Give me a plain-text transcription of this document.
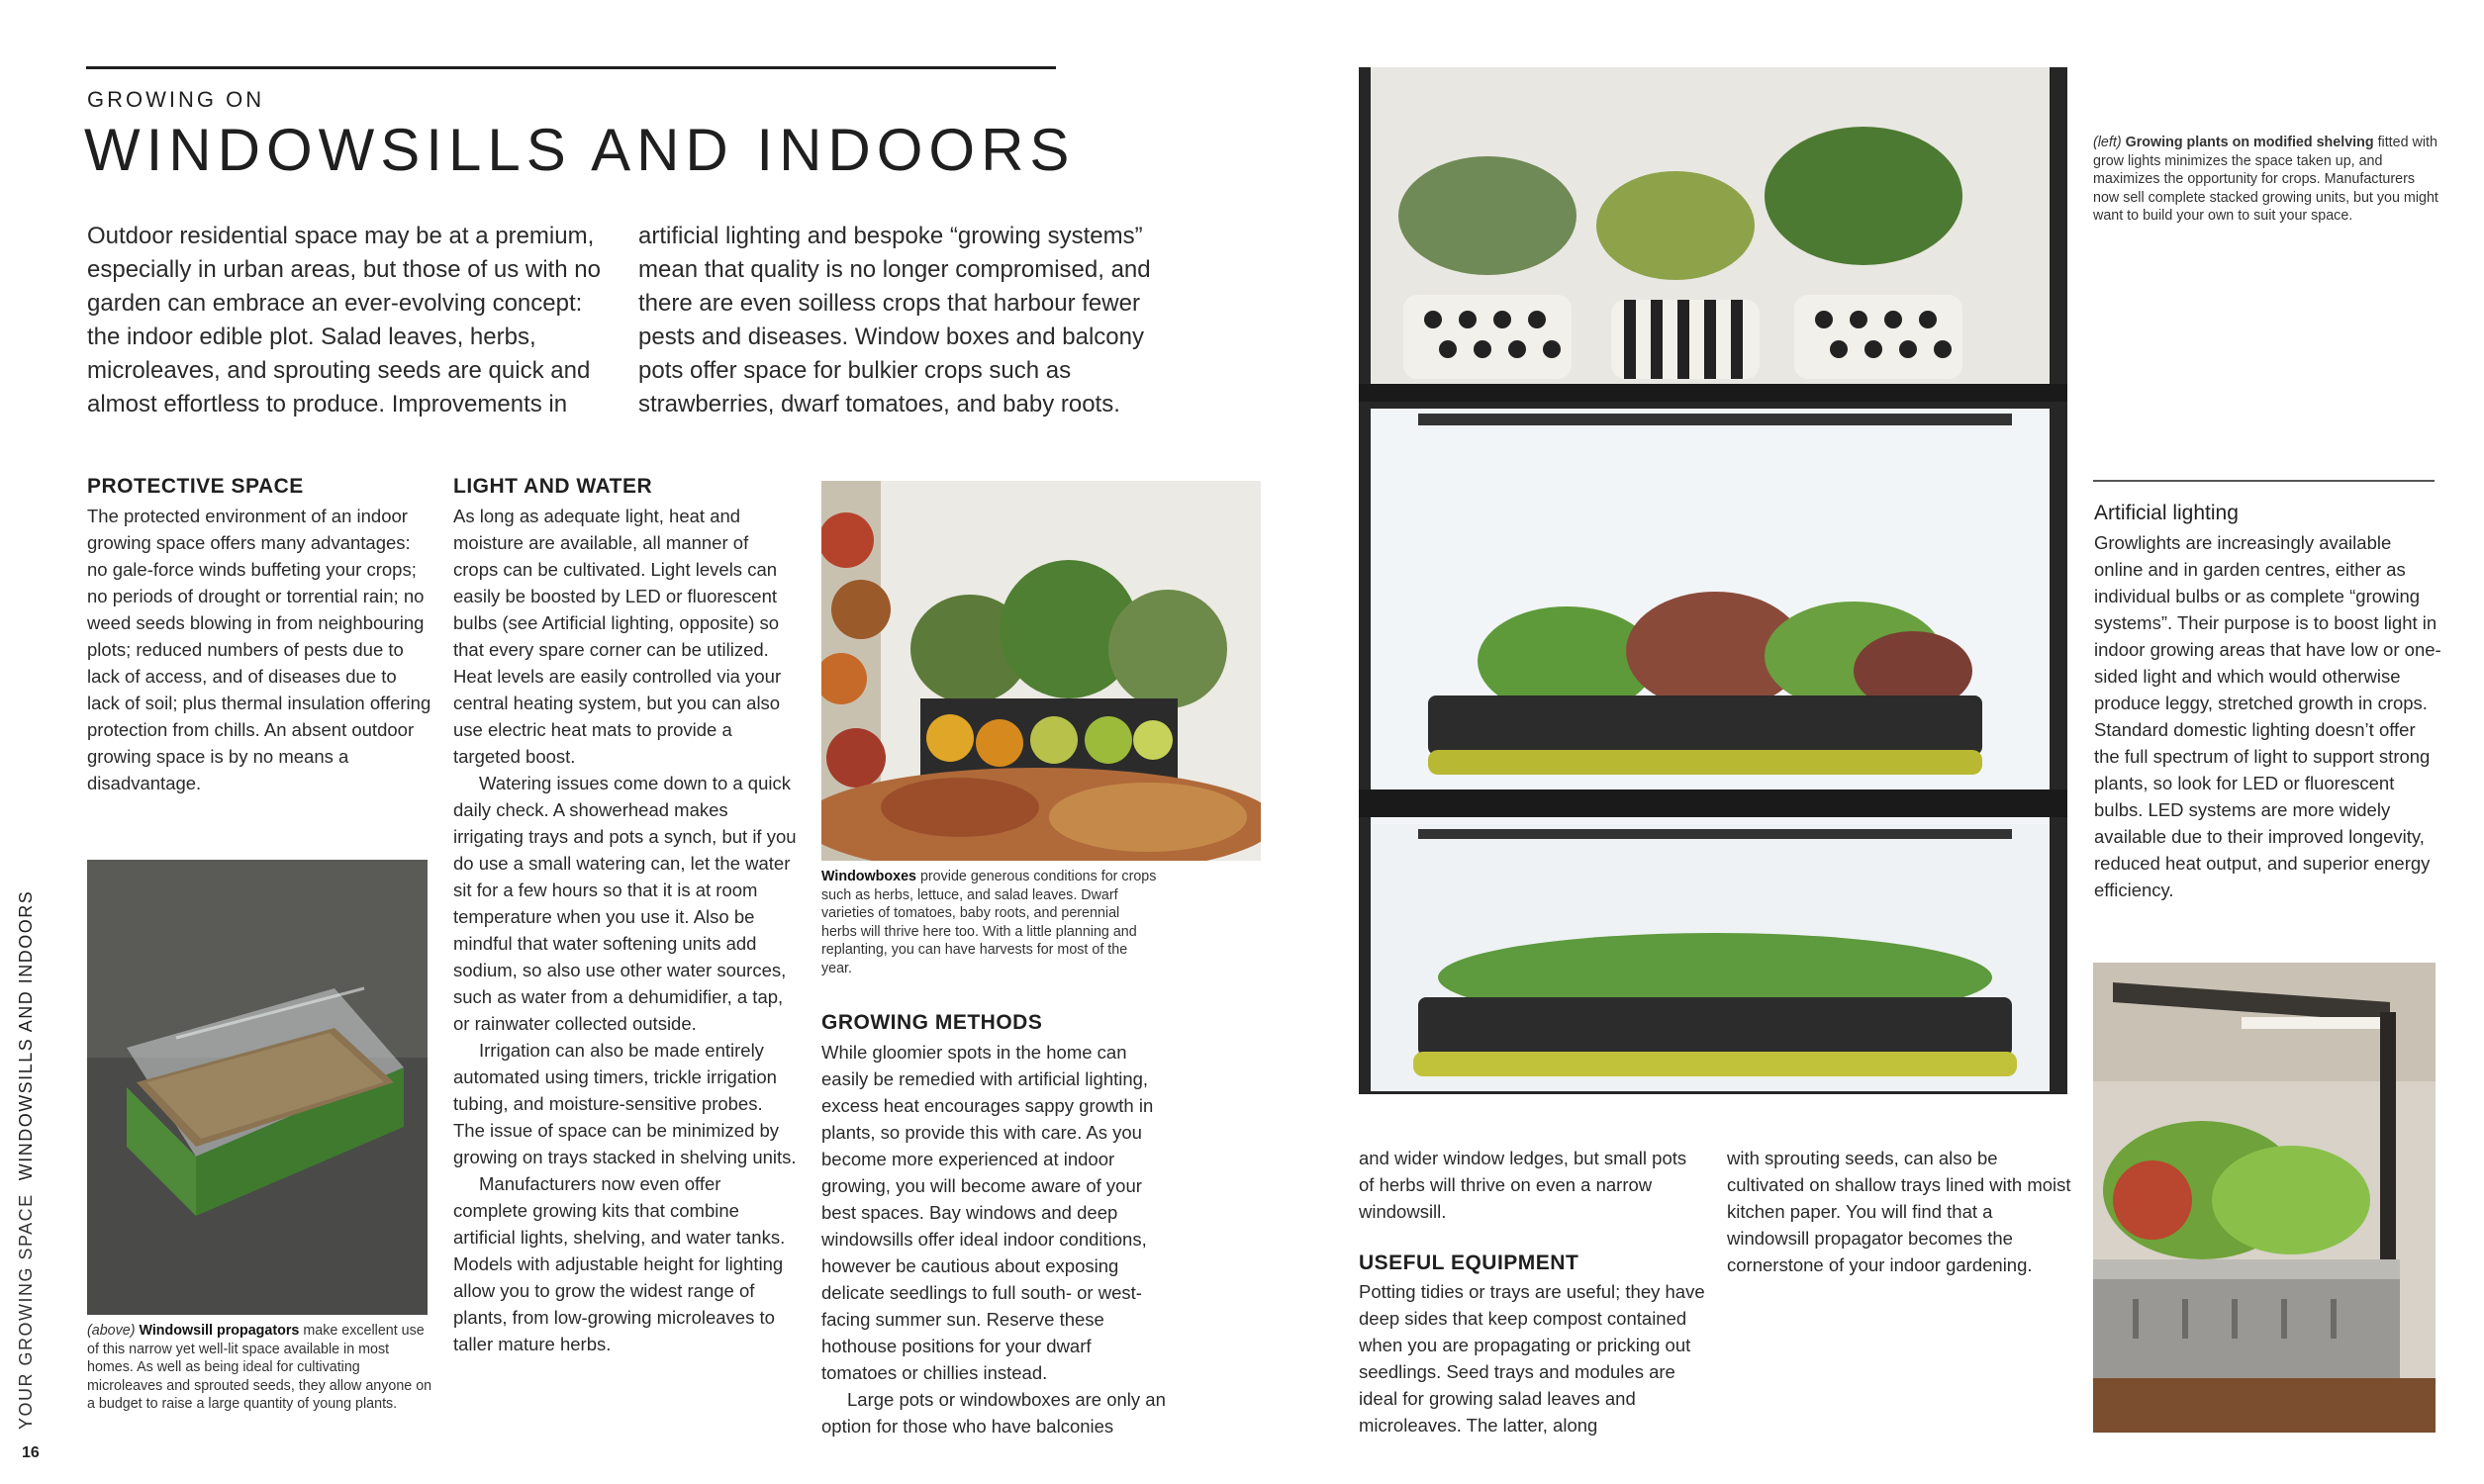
GROWING ON
WINDOWSILLS AND INDOORS
Outdoor residential space may be at a premium, especially in urban areas, but those of us with no garden can embrace an ever-evolving concept: the indoor edible plot. Salad leaves, herbs, microleaves, and sprouting seeds are quick and almost effortless to produce. Improvements in
artificial lighting and bespoke “growing systems” mean that quality is no longer compromised, and there are even soilless crops that harbour fewer pests and diseases. Window boxes and balcony pots offer space for bulkier crops such as strawberries, dwarf tomatoes, and baby roots.
PROTECTIVE SPACE

The protected environment of an indoor growing space offers many advantages: no gale-force winds buffeting your crops; no periods of drought or torrential rain; no weed seeds blowing in from neighbouring plots; reduced numbers of pests due to lack of access, and of diseases due to lack of soil; plus thermal insulation offering protection from chills. An absent outdoor growing space is by no means a disadvantage.

LIGHT AND WATER

As long as adequate light, heat and moisture are available, all manner of crops can be cultivated. Light levels can easily be boosted by LED or fluorescent bulbs (see Artificial lighting, opposite) so that every spare corner can be utilized. Heat levels are easily controlled via your central heating system, but you can also use electric heat mats to provide a targeted boost.

Watering issues come down to a quick daily check. A showerhead makes irrigating trays and pots a synch, but if you do use a small watering can, let the water sit for a few hours so that it is at room temperature when you use it. Also be mindful that water softening units add sodium, so also use other water sources, such as water from a dehumidifier, a tap, or rainwater collected outside.

Irrigation can also be made entirely automated using timers, trickle irrigation tubing, and moisture-sensitive probes. The issue of space can be minimized by growing on trays stacked in shelving units.

Manufacturers now even offer complete growing kits that combine artificial lights, shelving, and water tanks. Models with adjustable height for lighting allow you to grow the widest range of plants, from low-growing microleaves to taller mature herbs.

Windowboxes provide generous conditions for crops such as herbs, lettuce, and salad leaves. Dwarf varieties of tomatoes, baby roots, and perennial herbs will thrive here too. With a little planning and replanting, you can have harvests for most of the year.
GROWING METHODS

While gloomier spots in the home can easily be remedied with artificial lighting, excess heat encourages sappy growth in plants, so provide this with care. As you become more experienced at indoor growing, you will become aware of your best spaces. Bay windows and deep windowsills offer ideal indoor conditions, however be cautious about exposing delicate seedlings to full south- or west-facing summer sun. Reserve these hothouse positions for your dwarf tomatoes or chillies instead.

Large pots or windowboxes are only an option for those who have balconies

(above) Windowsill propagators make excellent use of this narrow yet well-lit space available in most homes. As well as being ideal for cultivating microleaves and sprouted seeds, they allow anyone on a budget to raise a large quantity of young plants.
(left) Growing plants on modified shelving fitted with grow lights minimizes the space taken up, and maximizes the opportunity for crops. Manufacturers now sell complete stacked growing units, but you might want to build your own to suit your space.
Artificial lighting
Growlights are increasingly available online and in garden centres, either as individual bulbs or as complete “growing systems”. Their purpose is to boost light in indoor growing areas that have low or one-sided light and which would otherwise produce leggy, stretched growth in crops. Standard domestic lighting doesn’t offer the full spectrum of light to support strong plants, so look for LED or fluorescent bulbs. LED systems are more widely available due to their improved longevity, reduced heat output, and superior energy efficiency.
and wider window ledges, but small pots of herbs will thrive on even a narrow windowsill.
USEFUL EQUIPMENT

Potting tidies or trays are useful; they have deep sides that keep compost contained when you are propagating or pricking out seedlings. Seed trays and modules are ideal for growing salad leaves and microleaves. The latter, along

with sprouting seeds, can also be cultivated on shallow trays lined with moist kitchen paper. You will find that a windowsill propagator becomes the cornerstone of your indoor gardening.
YOUR GROWING SPACE  WINDOWSILLS AND INDOORS
16
